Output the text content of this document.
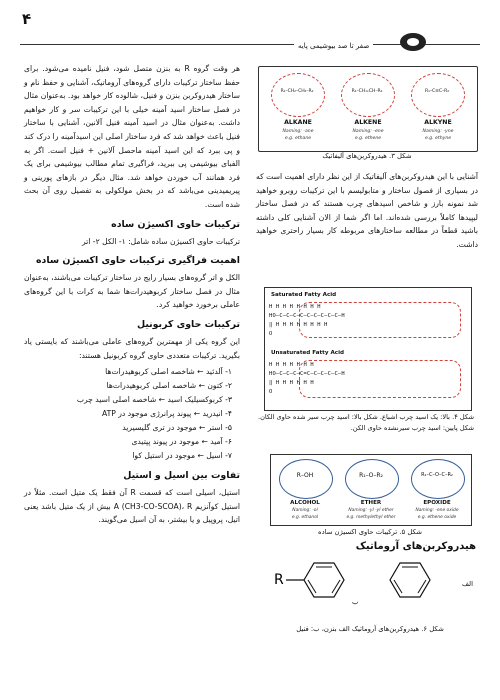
۴
صفر تا صد بیوشیمی پایه

هر وقت گروه R به بنزن متصل شود، فنیل نامیده می‌شود. برای حفظ ساختار ترکیبات دارای گروه‌های آروماتیک، آشنایی و حفظ نام و ساختار هیدروکربن بنزن و فنیل، شالوده کار خواهد بود. به‌عنوان مثال در فصل ساختار اسید آمینه خیلی با این ترکیبات سر و کار خواهیم داشت. به‌عنوان مثال در اسید آمینه فنیل آلانین، آشنایی با ساختار فنیل باعث خواهد شد که فرد ساختار اصلی این اسیدآمینه را درک کند و پی ببرد که این اسید آمینه ماحصل آلانین + فنیل است. اگر به الفبای بیوشیمی پی ببرید، فراگیری تمام مطالب بیوشیمی برای یک فرد همانند آب خوردن خواهد شد. مثال دیگر در بازهای پورینی و پیریمیدینی می‌باشد که در بخش مولکولی به تفصیل روی آن بحث شده است.

ترکیبات حاوی اکسیژن ساده

ترکیبات حاوی اکسیژن ساده شامل: ۱- الکل ۲- اتر

اهمیت فراگیری ترکیبات حاوی اکسیژن ساده

الکل و اتر گروه‌های بسیار رایج در ساختار ترکیبات می‌باشند، به‌عنوان مثال در فصل ساختار کربوهیدرات‌ها شما به کرات با این گروه‌های عاملی برخورد خواهید کرد.

ترکیبات حاوی کربونیل

این گروه یکی از مهمترین گروه‌های عاملی می‌باشند که بایستی یاد بگیرید. ترکیبات متعددی حاوی گروه کربونیل هستند:

۱- آلدئید ← شاخصه اصلی کربوهیدرات‌ها
۲- کتون ← شاخصه اصلی کربوهیدرات‌ها
۳- کربوکسیلیک اسید ← شاخصه اصلی اسید چرب
۴- انیدرید ← پیوند پرانرژی موجود در ATP
۵- استر ← موجود در تری گلیسیرید
۶- آمید ← موجود در پیوند پپتیدی
۷- اسیل ← موجود در استیل کوا
تفاوت بین اسیل و استیل

استیل، اسیلی است که قسمت R آن فقط یک متیل است. مثلاً در استیل کوآنزیم A (CH3-CO-SCOA)، R بیش از یک متیل باشد یعنی اتیل، پروپیل و یا بیشتر، به آن اسیل می‌گویند.

R₁–CH₂–CH₂–R₂
ALKANE
Naming: -ane
e.g. ethane
R₁–CH=CH–R₂
ALKENE
Naming: -ene
e.g. ethene
R₁–C≡C–R₂
ALKYNE
Naming: -yne
e.g. ethyne
شکل ۳. هیدروکربن‌های آلیفاتیک

آشنایی با این هیدروکربن‌های آلیفاتیک از این نظر دارای اهمیت است که در بسیاری از فصول ساختار و متابولیسم با این ترکیبات روبرو خواهید شد نمونه بارز و شاخص اسیدهای چرب هستند که در فصل ساختار لیپیدها کاملاً بررسی شده‌اند. اما اگر شما از الان آشنایی کلی داشته باشید قطعاً در مطالعه ساختارهای مربوطه کار بسیار راحتری خواهید داشت.

Saturated Fatty Acid
H H H H H H H H
HO–C–C–C–C–C–C–C–C–C–H
‖ H H H H H H H H
O
Unsaturated Fatty Acid
H H H H H H H
HO–C–C–C–C=C–C–C–C–C–H
‖ H H H H H H
O
شکل ۴. بالا: یک اسید چرب اشباع. شکل بالا: اسید چرب سیر شده حاوی الکان. شکل پایین: اسید چرب سیرنشده حاوی الکن.
R–OH
ALCOHOL
Naming: -ol
e.g. ethanol
R₁–O–R₂
ETHER
Naming: -yl -yl ether
e.g. methylethyl ether
R₁–C–O–C–R₂
EPOXIDE
Naming: -ene oxide
e.g. ethene oxide
شکل ۵. ترکیبات حاوی اکسیژن ساده
هیدروکربن‌های آروماتیک
R
ب
الف
شکل ۶. هیدروکربن‌های آروماتیک الف بنزن، ب: فنیل
